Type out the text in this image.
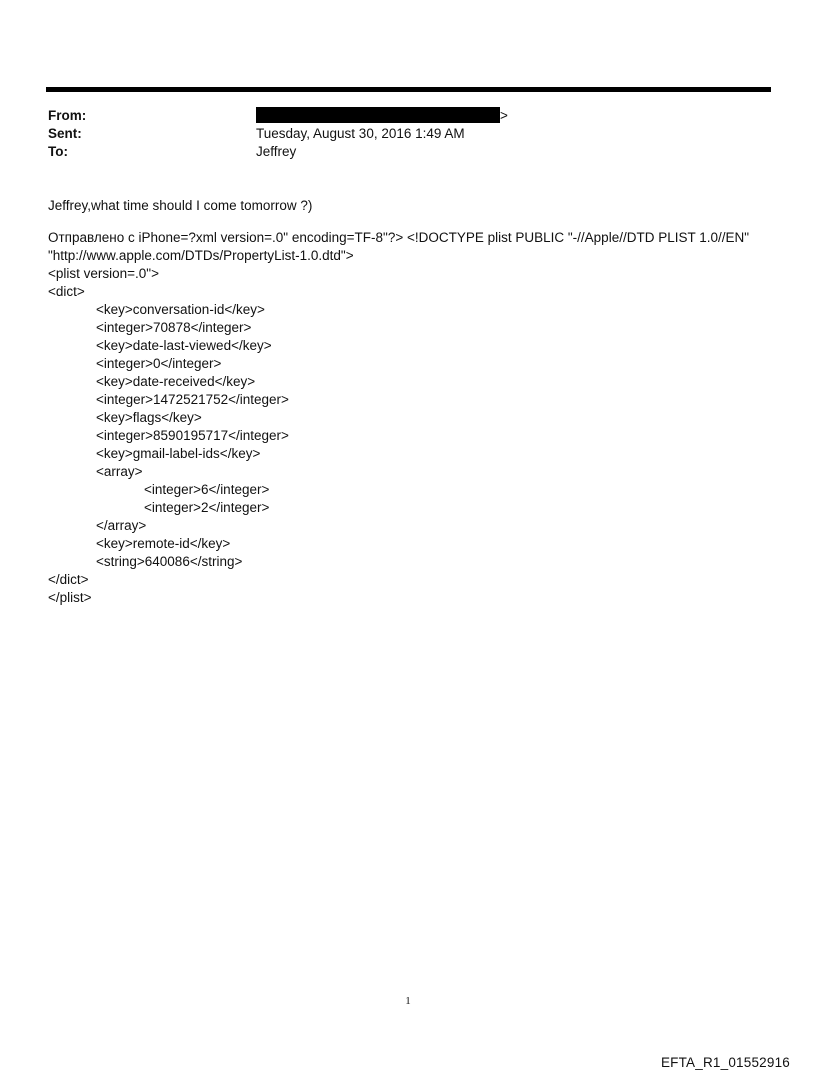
From:	>
Sent:	Tuesday, August 30, 2016 1:49 AM
To:	Jeffrey
Jeffrey,what time should I come tomorrow ?)
Отправлено с iPhone=?xml version=.0" encoding=TF-8"?> <!DOCTYPE plist PUBLIC "-//Apple//DTD PLIST 1.0//EN"
"http://www.apple.com/DTDs/PropertyList-1.0.dtd">
<plist version=.0">
<dict>
<key>conversation-id</key>
<integer>70878</integer>
<key>date-last-viewed</key>
<integer>0</integer>
<key>date-received</key>
<integer>1472521752</integer>
<key>flags</key>
<integer>8590195717</integer>
<key>gmail-label-ids</key>
<array>
<integer>6</integer>
<integer>2</integer>
</array>
<key>remote-id</key>
<string>640086</string>
</dict>
</plist>
1
EFTA_R1_01552916
